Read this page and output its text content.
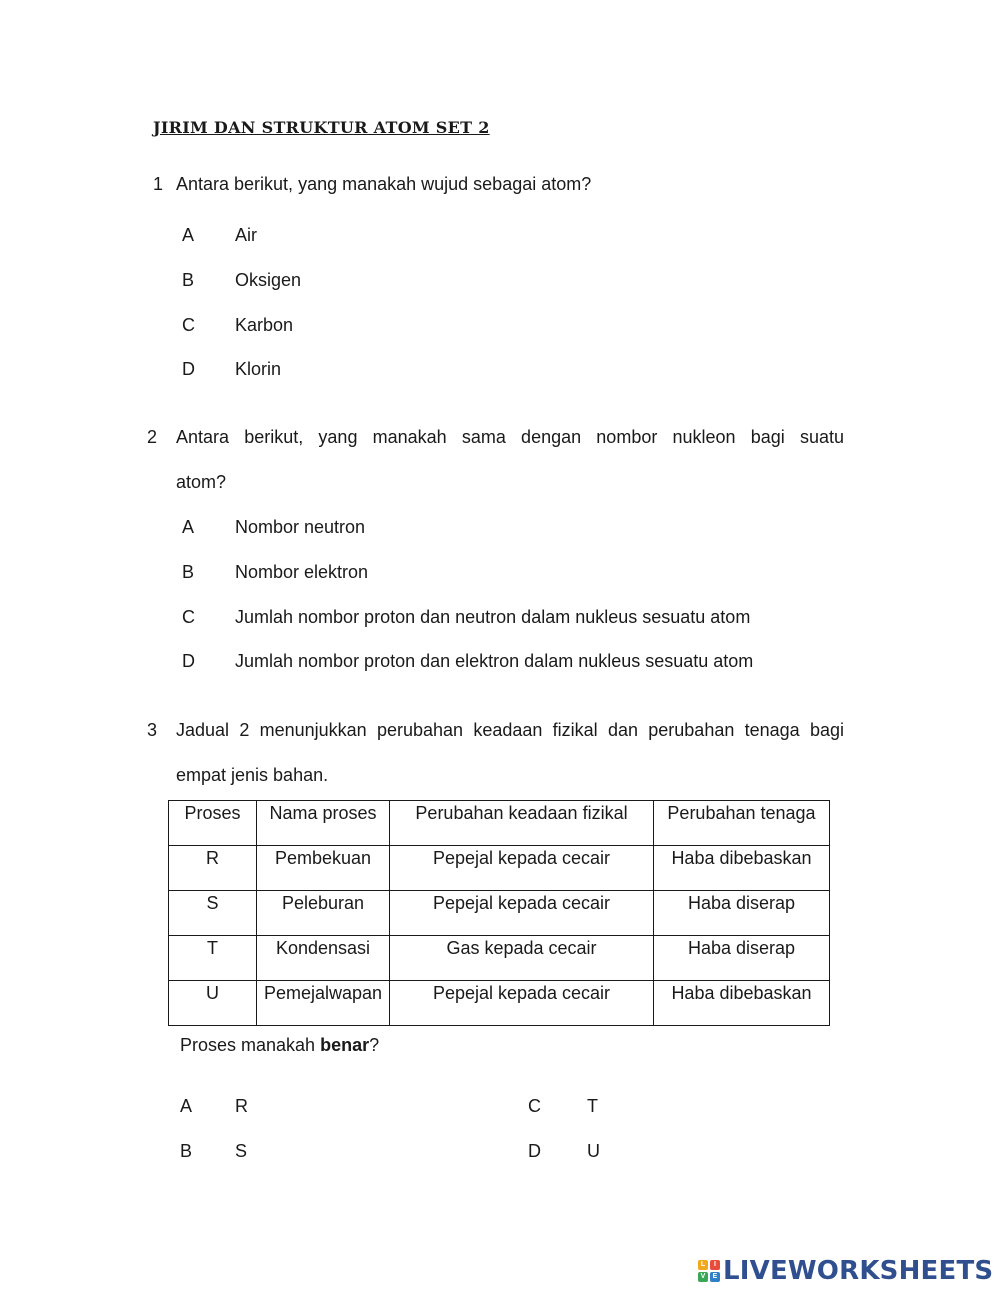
JIRIM DAN STRUKTUR ATOM SET 2
1 Antara berikut, yang manakah wujud sebagai atom?
A Air
B Oksigen
C Karbon
D Klorin
2 Antara berikut, yang manakah sama dengan nombor nukleon bagi suatu
atom?
A Nombor neutron
B Nombor elektron
C Jumlah nombor proton dan neutron dalam nukleus sesuatu atom
D Jumlah nombor proton dan elektron dalam nukleus sesuatu atom
3 Jadual 2 menunjukkan perubahan keadaan fizikal dan perubahan tenaga bagi
empat jenis bahan.
Proses	Nama proses	Perubahan keadaan fizikal	Perubahan tenaga
R	Pembekuan	Pepejal kepada cecair	Haba dibebaskan
S	Peleburan	Pepejal kepada cecair	Haba diserap
T	Kondensasi	Gas kepada cecair	Haba diserap
U	Pemejalwapan	Pepejal kepada cecair	Haba dibebaskan
Proses manakah benar?
A R
B S
C	T
D	U
L	I
V	E LIVEWORKSHEETS
